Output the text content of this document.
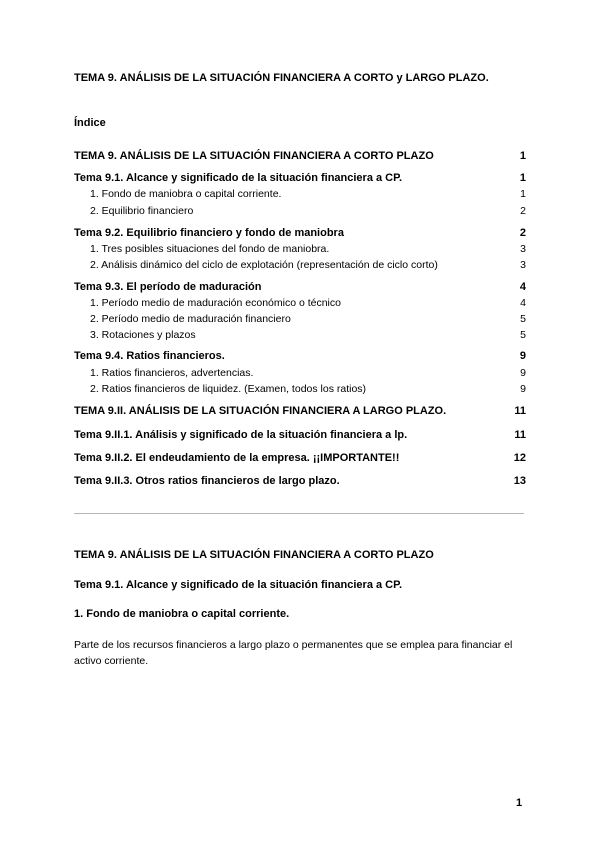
TEMA 9. ANÁLISIS DE LA SITUACIÓN FINANCIERA A CORTO y LARGO PLAZO.
Índice
TEMA 9. ANÁLISIS DE LA SITUACIÓN FINANCIERA A CORTO PLAZO	1
Tema 9.1. Alcance y significado de la situación financiera a CP.	1
1. Fondo de maniobra o capital corriente.	1
2. Equilibrio financiero	2
Tema 9.2. Equilibrio financiero y fondo de maniobra	2
1. Tres posibles situaciones del fondo de maniobra.	3
2. Análisis dinámico del ciclo de explotación (representación de ciclo corto)	3
Tema 9.3. El período de maduración	4
1. Período medio de maduración económico o técnico	4
2. Período medio de maduración financiero	5
3. Rotaciones y plazos	5
Tema 9.4. Ratios financieros.	9
1. Ratios financieros, advertencias.	9
2. Ratios financieros de liquidez. (Examen, todos los ratios)	9
TEMA 9.II. ANÁLISIS DE LA SITUACIÓN FINANCIERA A LARGO PLAZO.	11
Tema 9.II.1. Análisis y significado de la situación financiera a lp.	11
Tema 9.II.2. El endeudamiento de la empresa. ¡¡IMPORTANTE!!	12
Tema 9.II.3. Otros ratios financieros de largo plazo.	13
TEMA 9. ANÁLISIS DE LA SITUACIÓN FINANCIERA A CORTO PLAZO
Tema 9.1. Alcance y significado de la situación financiera a CP.
1. Fondo de maniobra o capital corriente.
Parte de los recursos financieros a largo plazo o permanentes que se emplea para financiar el activo corriente.
1
